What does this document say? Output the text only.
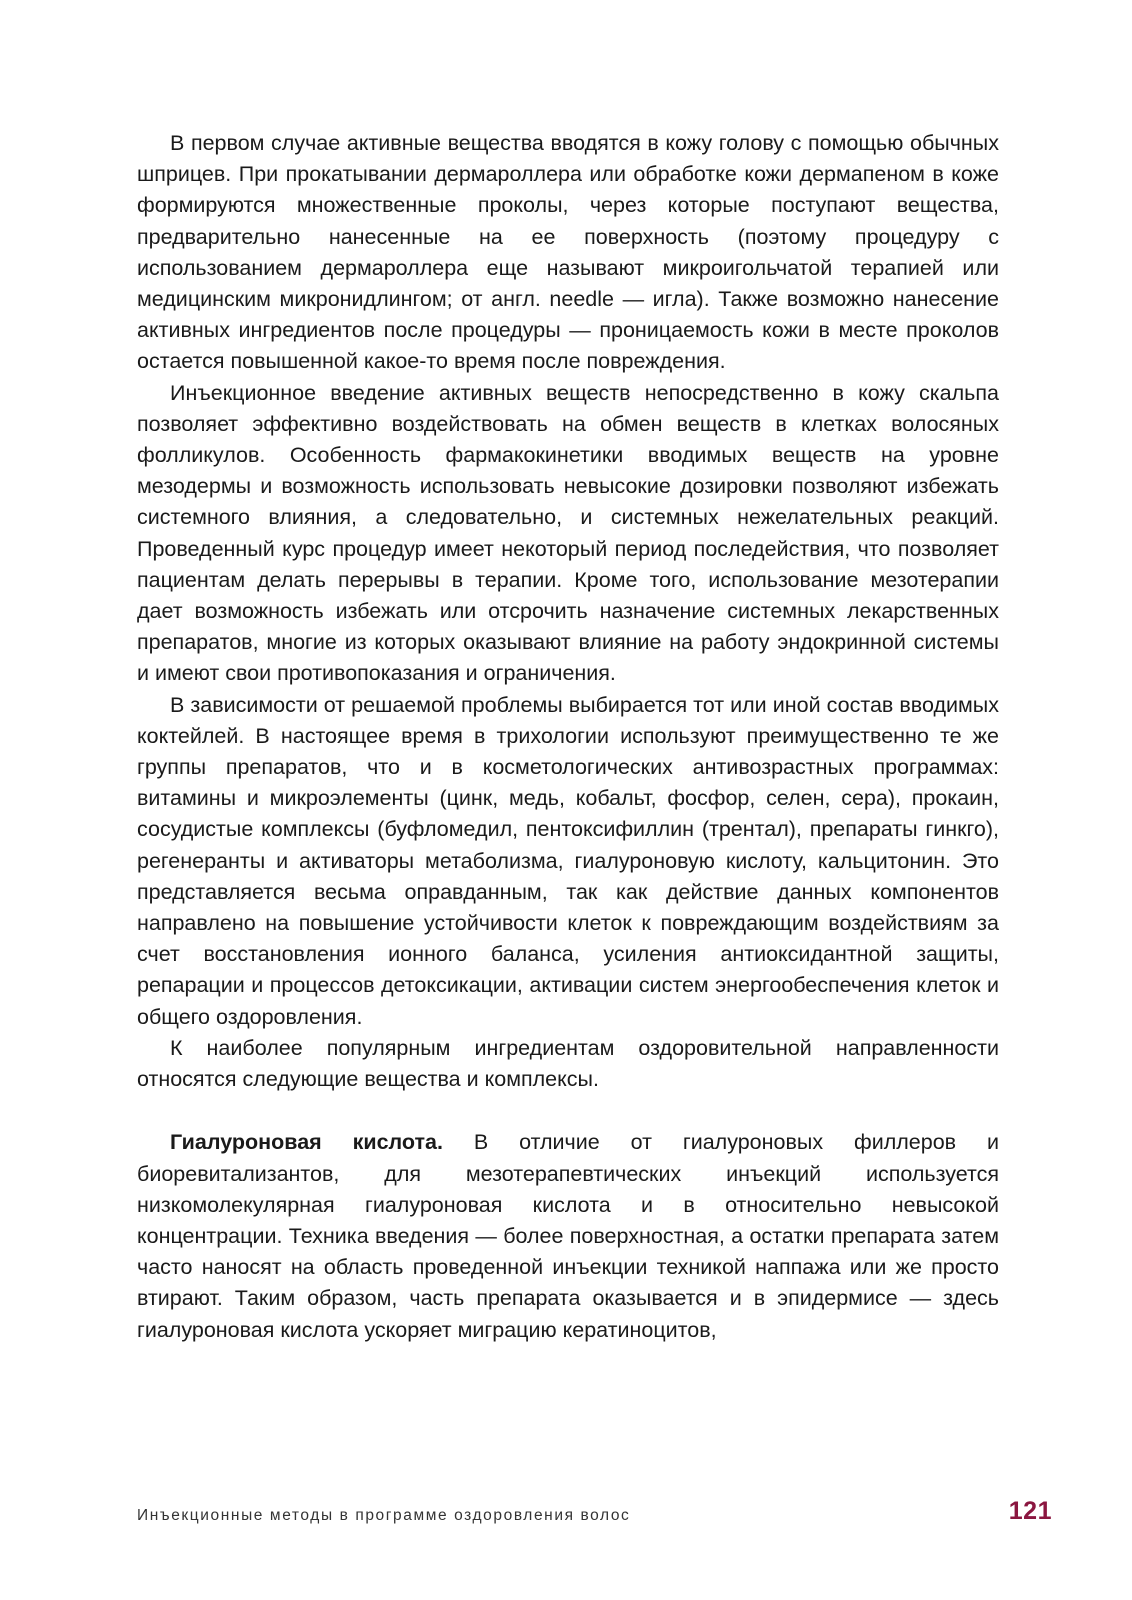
В первом случае активные вещества вводятся в кожу голову с помощью обычных шприцев. При прокатывании дермароллера или обработке кожи дермапеном в коже формируются множественные проколы, через которые поступают вещества, предварительно нанесенные на ее поверхность (поэтому процедуру с использованием дермароллера еще называют микроигольчатой терапией или медицинским микронидлингом; от англ. needle — игла). Также возможно нанесение активных ингредиентов после процедуры — проницаемость кожи в месте проколов остается повышенной какое-то время после повреждения.

Инъекционное введение активных веществ непосредственно в кожу скальпа позволяет эффективно воздействовать на обмен веществ в клетках волосяных фолликулов. Особенность фармакокинетики вводимых веществ на уровне мезодермы и возможность использовать невысокие дозировки позволяют избежать системного влияния, а следовательно, и системных нежелательных реакций. Проведенный курс процедур имеет некоторый период последействия, что позволяет пациентам делать перерывы в терапии. Кроме того, использование мезотерапии дает возможность избежать или отсрочить назначение системных лекарственных препаратов, многие из которых оказывают влияние на работу эндокринной системы и имеют свои противопоказания и ограничения.

В зависимости от решаемой проблемы выбирается тот или иной состав вводимых коктейлей. В настоящее время в трихологии используют преимущественно те же группы препаратов, что и в косметологических антивозрастных программах: витамины и микроэлементы (цинк, медь, кобальт, фосфор, селен, сера), прокаин, сосудистые комплексы (буфломедил, пентоксифиллин (трентал), препараты гинкго), регенеранты и активаторы метаболизма, гиалуроновую кислоту, кальцитонин. Это представляется весьма оправданным, так как действие данных компонентов направлено на повышение устойчивости клеток к повреждающим воздействиям за счет восстановления ионного баланса, усиления антиоксидантной защиты, репарации и процессов детоксикации, активации систем энергообеспечения клеток и общего оздоровления.

К наиболее популярным ингредиентам оздоровительной направленности относятся следующие вещества и комплексы.

Гиалуроновая кислота. В отличие от гиалуроновых филлеров и биоревитализантов, для мезотерапевтических инъекций используется низкомолекулярная гиалуроновая кислота и в относительно невысокой концентрации. Техника введения — более поверхностная, а остатки препарата затем часто наносят на область проведенной инъекции техникой наппажа или же просто втирают. Таким образом, часть препарата оказывается и в эпидермисе — здесь гиалуроновая кислота ускоряет миграцию кератиноцитов,

Инъекционные методы в программе оздоровления волос	121
